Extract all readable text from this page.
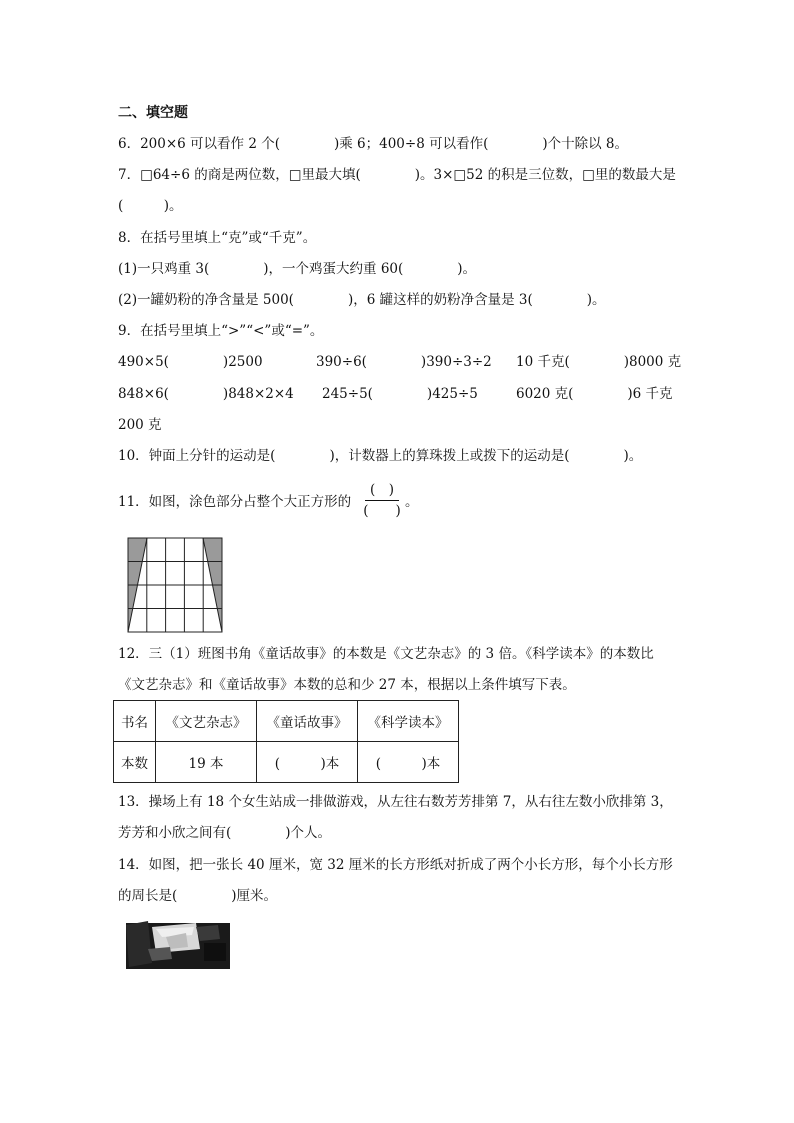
二、填空题
6．200×6 可以看作 2 个(　　　　)乘 6；400÷8 可以看作(　　　　)个十除以 8。
7．□64÷6 的商是两位数，□里最大填(　　　　)。3×□52 的积是三位数，□里的数最大是
(　　　)。
8．在括号里填上“克”或“千克”。
(1)一只鸡重 3(　　　　)，一个鸡蛋大约重 60(　　　　)。
(2)一罐奶粉的净含量是 500(　　　　)，6 罐这样的奶粉净含量是 3(　　　　)。
9．在括号里填上“>”“<”或“=”。
490×5(　　　　)2500	390÷6(　　　　)390÷3÷2 10 千克(　　　　)8000 克
848×6(　　　　)848×2×4 245÷5(　　　　)425÷5	6020 克(　　　　)6 千克
200 克
10．钟面上分针的运动是(　　　　)，计数器上的算珠拨上或拨下的运动是(　　　　)。
11．如图，涂色部分占整个大正方形的
(　)
(　　)
。
12．三（1）班图书角《童话故事》的本数是《文艺杂志》的 3 倍。《科学读本》的本数比
《文艺杂志》和《童话故事》本数的总和少 27 本，根据以上条件填写下表。
书名	《文艺杂志》	《童话故事》	《科学读本》
本数	19 本	(　　　)本	(　　　)本
13．操场上有 18 个女生站成一排做游戏，从左往右数芳芳排第 7，从右往左数小欣排第 3，
芳芳和小欣之间有(　　　　)个人。
14．如图，把一张长 40 厘米，宽 32 厘米的长方形纸对折成了两个小长方形，每个小长方形
的周长是(　　　　)厘米。
